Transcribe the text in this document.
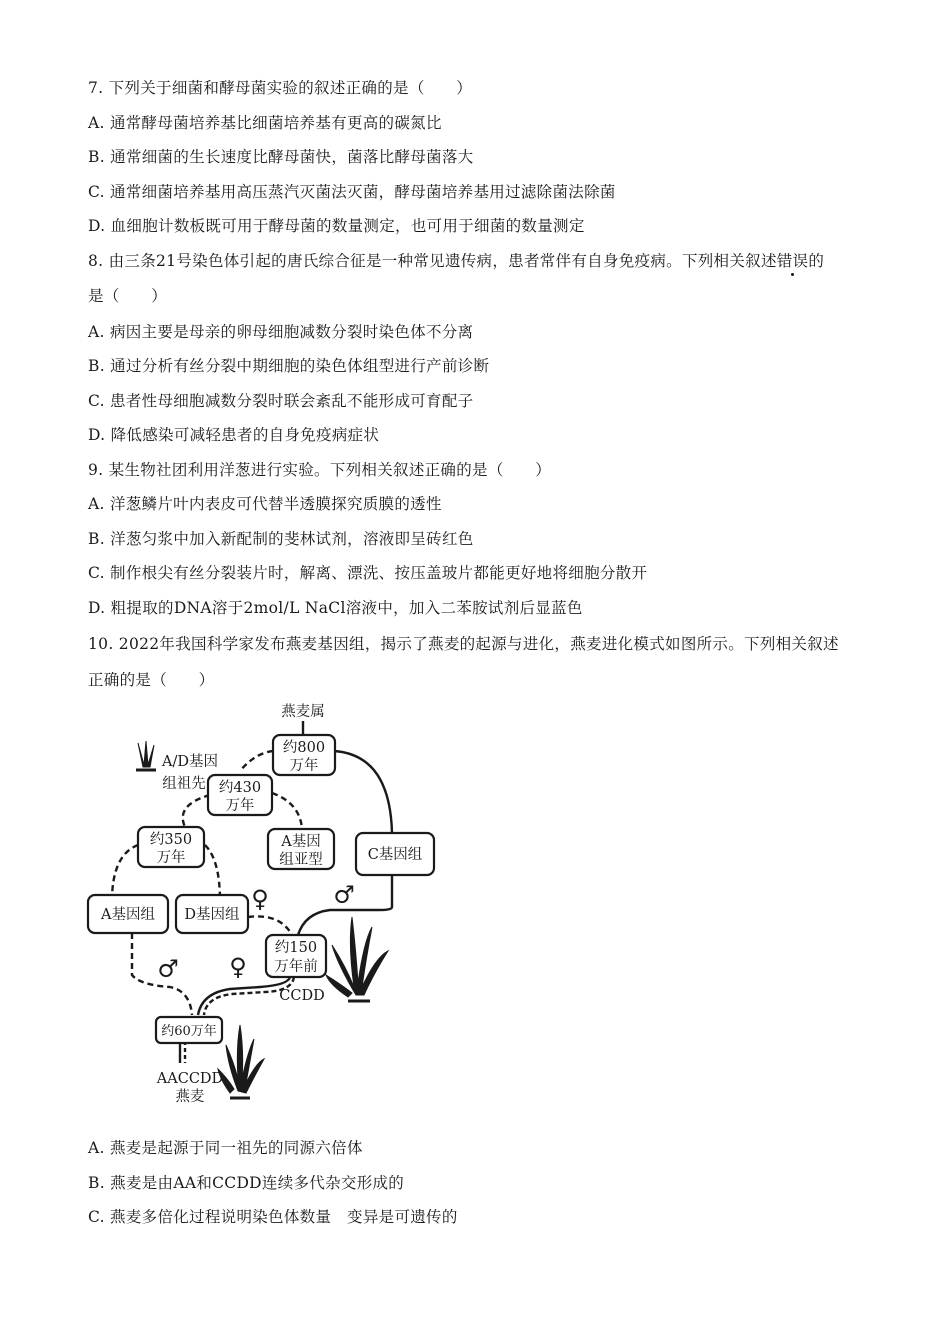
7. 下列关于细菌和酵母菌实验的叙述正确的是（　　）
A. 通常酵母菌培养基比细菌培养基有更高的碳氮比
B. 通常细菌的生长速度比酵母菌快，菌落比酵母菌落大
C. 通常细菌培养基用高压蒸汽灭菌法灭菌，酵母菌培养基用过滤除菌法除菌
D. 血细胞计数板既可用于酵母菌的数量测定，也可用于细菌的数量测定
8. 由三条21号染色体引起的唐氏综合征是一种常见遗传病，患者常伴有自身免疫病。下列相关叙述错误的
是（　　）
A. 病因主要是母亲的卵母细胞减数分裂时染色体不分离
B. 通过分析有丝分裂中期细胞的染色体组型进行产前诊断
C. 患者性母细胞减数分裂时联会紊乱不能形成可育配子
D. 降低感染可减轻患者的自身免疫病症状
9. 某生物社团利用洋葱进行实验。下列相关叙述正确的是（　　）
A. 洋葱鳞片叶内表皮可代替半透膜探究质膜的透性
B. 洋葱匀浆中加入新配制的斐林试剂，溶液即呈砖红色
C. 制作根尖有丝分裂装片时，解离、漂洗、按压盖玻片都能更好地将细胞分散开
D. 粗提取的DNA溶于2mol/L NaCl溶液中，加入二苯胺试剂后显蓝色
10. 2022年我国科学家发布燕麦基因组，揭示了燕麦的起源与进化，燕麦进化模式如图所示。下列相关叙述
正确的是（　　）
燕麦属
约800
万年
A/D基因
组祖先 约430
万年
约350
万年
A基因
组亚型	C基因组
A基因组 D基因组
约150
万年前
CCDD
约60万年
AACCDD
燕麦
♀	♂
♂ ♀
A. 燕麦是起源于同一祖先的同源六倍体
B. 燕麦是由AA和CCDD连续多代杂交形成的
C. 燕麦多倍化过程说明染色体数量　变异是可遗传的
